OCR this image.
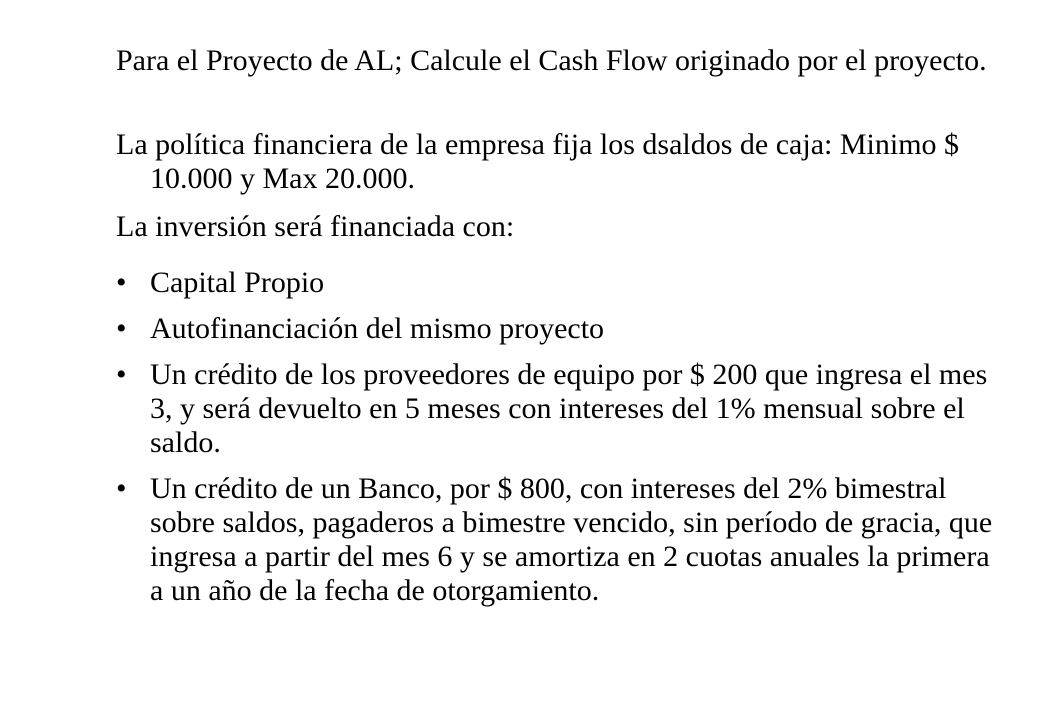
Para el Proyecto de AL; Calcule el Cash Flow originado por el proyecto.

La política financiera de la empresa fija los dsaldos de caja: Minimo $ 10.000 y Max 20.000.

La inversión será financiada con:

• Capital Propio
• Autofinanciación del mismo proyecto
• Un crédito de los proveedores de equipo por $ 200 que ingresa el mes 3, y será devuelto en 5 meses con intereses del 1% mensual sobre el saldo.
• Un crédito de un Banco, por $ 800, con intereses del 2% bimestral sobre saldos, pagaderos a bimestre vencido, sin período de gracia, que ingresa a partir del mes 6 y se amortiza en 2 cuotas anuales la primera a un año de la fecha de otorgamiento.
